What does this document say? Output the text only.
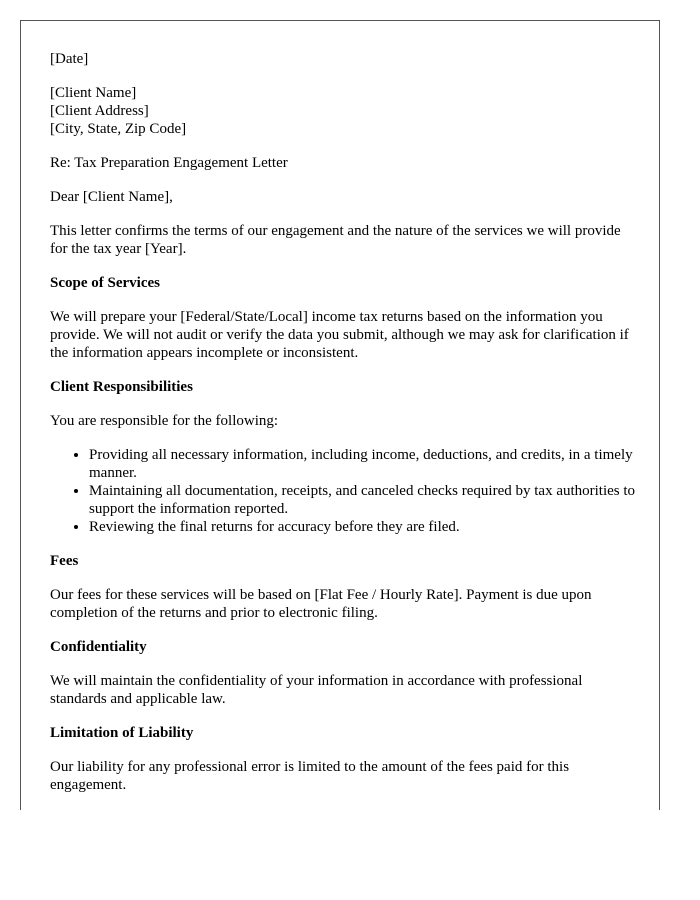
[Date]

[Client Name]
[Client Address]
[City, State, Zip Code]

Re: Tax Preparation Engagement Letter

Dear [Client Name],

This letter confirms the terms of our engagement and the nature of the services we will provide for the tax year [Year].

Scope of Services

We will prepare your [Federal/State/Local] income tax returns based on the information you provide. We will not audit or verify the data you submit, although we may ask for clarification if the information appears incomplete or inconsistent.

Client Responsibilities

You are responsible for the following:

• Providing all necessary information, including income, deductions, and credits, in a timely manner.
• Maintaining all documentation, receipts, and canceled checks required by tax authorities to support the information reported.
• Reviewing the final returns for accuracy before they are filed.
Fees

Our fees for these services will be based on [Flat Fee / Hourly Rate]. Payment is due upon completion of the returns and prior to electronic filing.

Confidentiality

We will maintain the confidentiality of your information in accordance with professional standards and applicable law.

Limitation of Liability

Our liability for any professional error is limited to the amount of the fees paid for this engagement.
